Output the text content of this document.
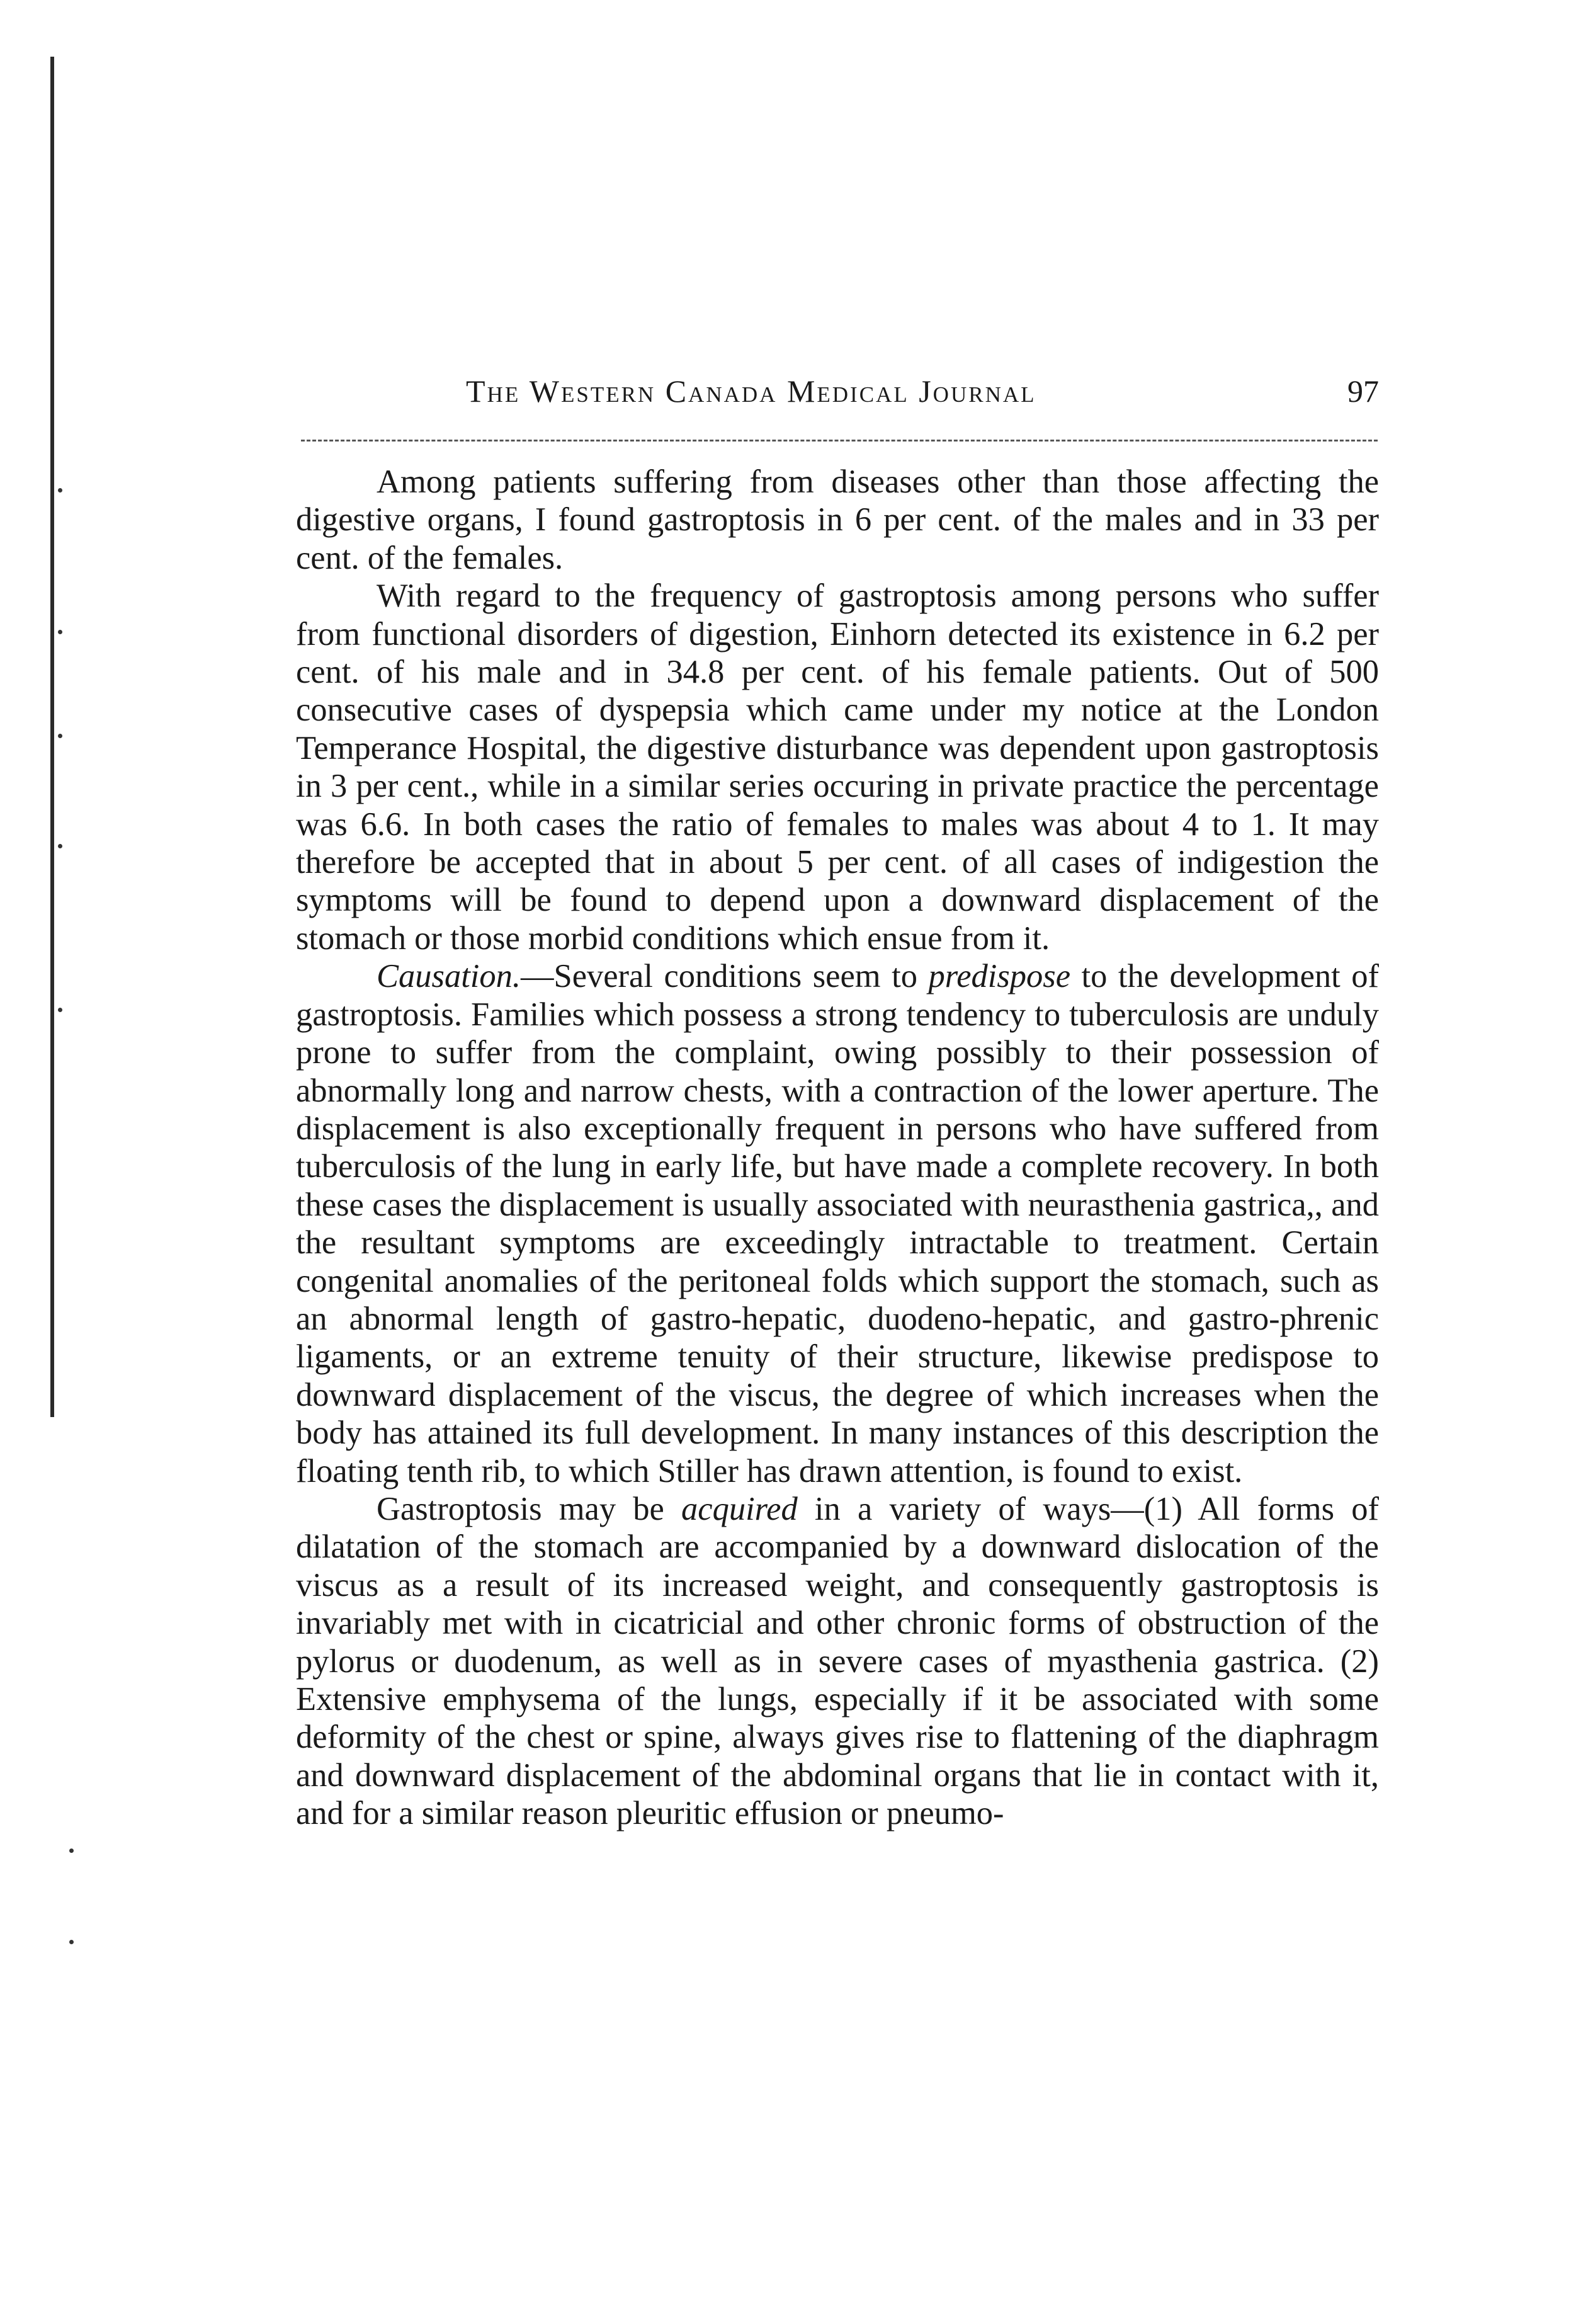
The Western Canada Medical Journal	97

Among patients suffering from diseases other than those affecting the digestive organs, I found gastroptosis in 6 per cent. of the males and in 33 per cent. of the females.

With regard to the frequency of gastroptosis among persons who suffer from functional disorders of digestion, Einhorn detected its existence in 6.2 per cent. of his male and in 34.8 per cent. of his female patients. Out of 500 consecutive cases of dyspepsia which came under my notice at the London Temperance Hospital, the digestive disturbance was dependent upon gastroptosis in 3 per cent., while in a similar series occuring in private practice the percentage was 6.6. In both cases the ratio of females to males was about 4 to 1. It may therefore be accepted that in about 5 per cent. of all cases of indigestion the symptoms will be found to depend upon a downward displacement of the stomach or those morbid conditions which ensue from it.

Causation.—Several conditions seem to predispose to the development of gastroptosis. Families which possess a strong tendency to tuberculosis are unduly prone to suffer from the complaint, owing possibly to their possession of abnormally long and narrow chests, with a contraction of the lower aperture. The displacement is also exceptionally frequent in persons who have suffered from tuberculosis of the lung in early life, but have made a complete recovery. In both these cases the displacement is usually associated with neurasthenia gastrica,, and the resultant symptoms are exceedingly intractable to treatment. Certain congenital anomalies of the peritoneal folds which support the stomach, such as an abnormal length of gastro-hepatic, duodeno-hepatic, and gastro-phrenic ligaments, or an extreme tenuity of their structure, likewise predispose to downward displacement of the viscus, the degree of which increases when the body has attained its full development. In many instances of this description the floating tenth rib, to which Stiller has drawn attention, is found to exist.

Gastroptosis may be acquired in a variety of ways—(1) All forms of dilatation of the stomach are accompanied by a downward dislocation of the viscus as a result of its increased weight, and consequently gastroptosis is invariably met with in cicatricial and other chronic forms of obstruction of the pylorus or duodenum, as well as in severe cases of myasthenia gastrica. (2) Extensive emphysema of the lungs, especially if it be associated with some deformity of the chest or spine, always gives rise to flattening of the diaphragm and downward displacement of the abdominal organs that lie in contact with it, and for a similar reason pleuritic effusion or pneumo-
